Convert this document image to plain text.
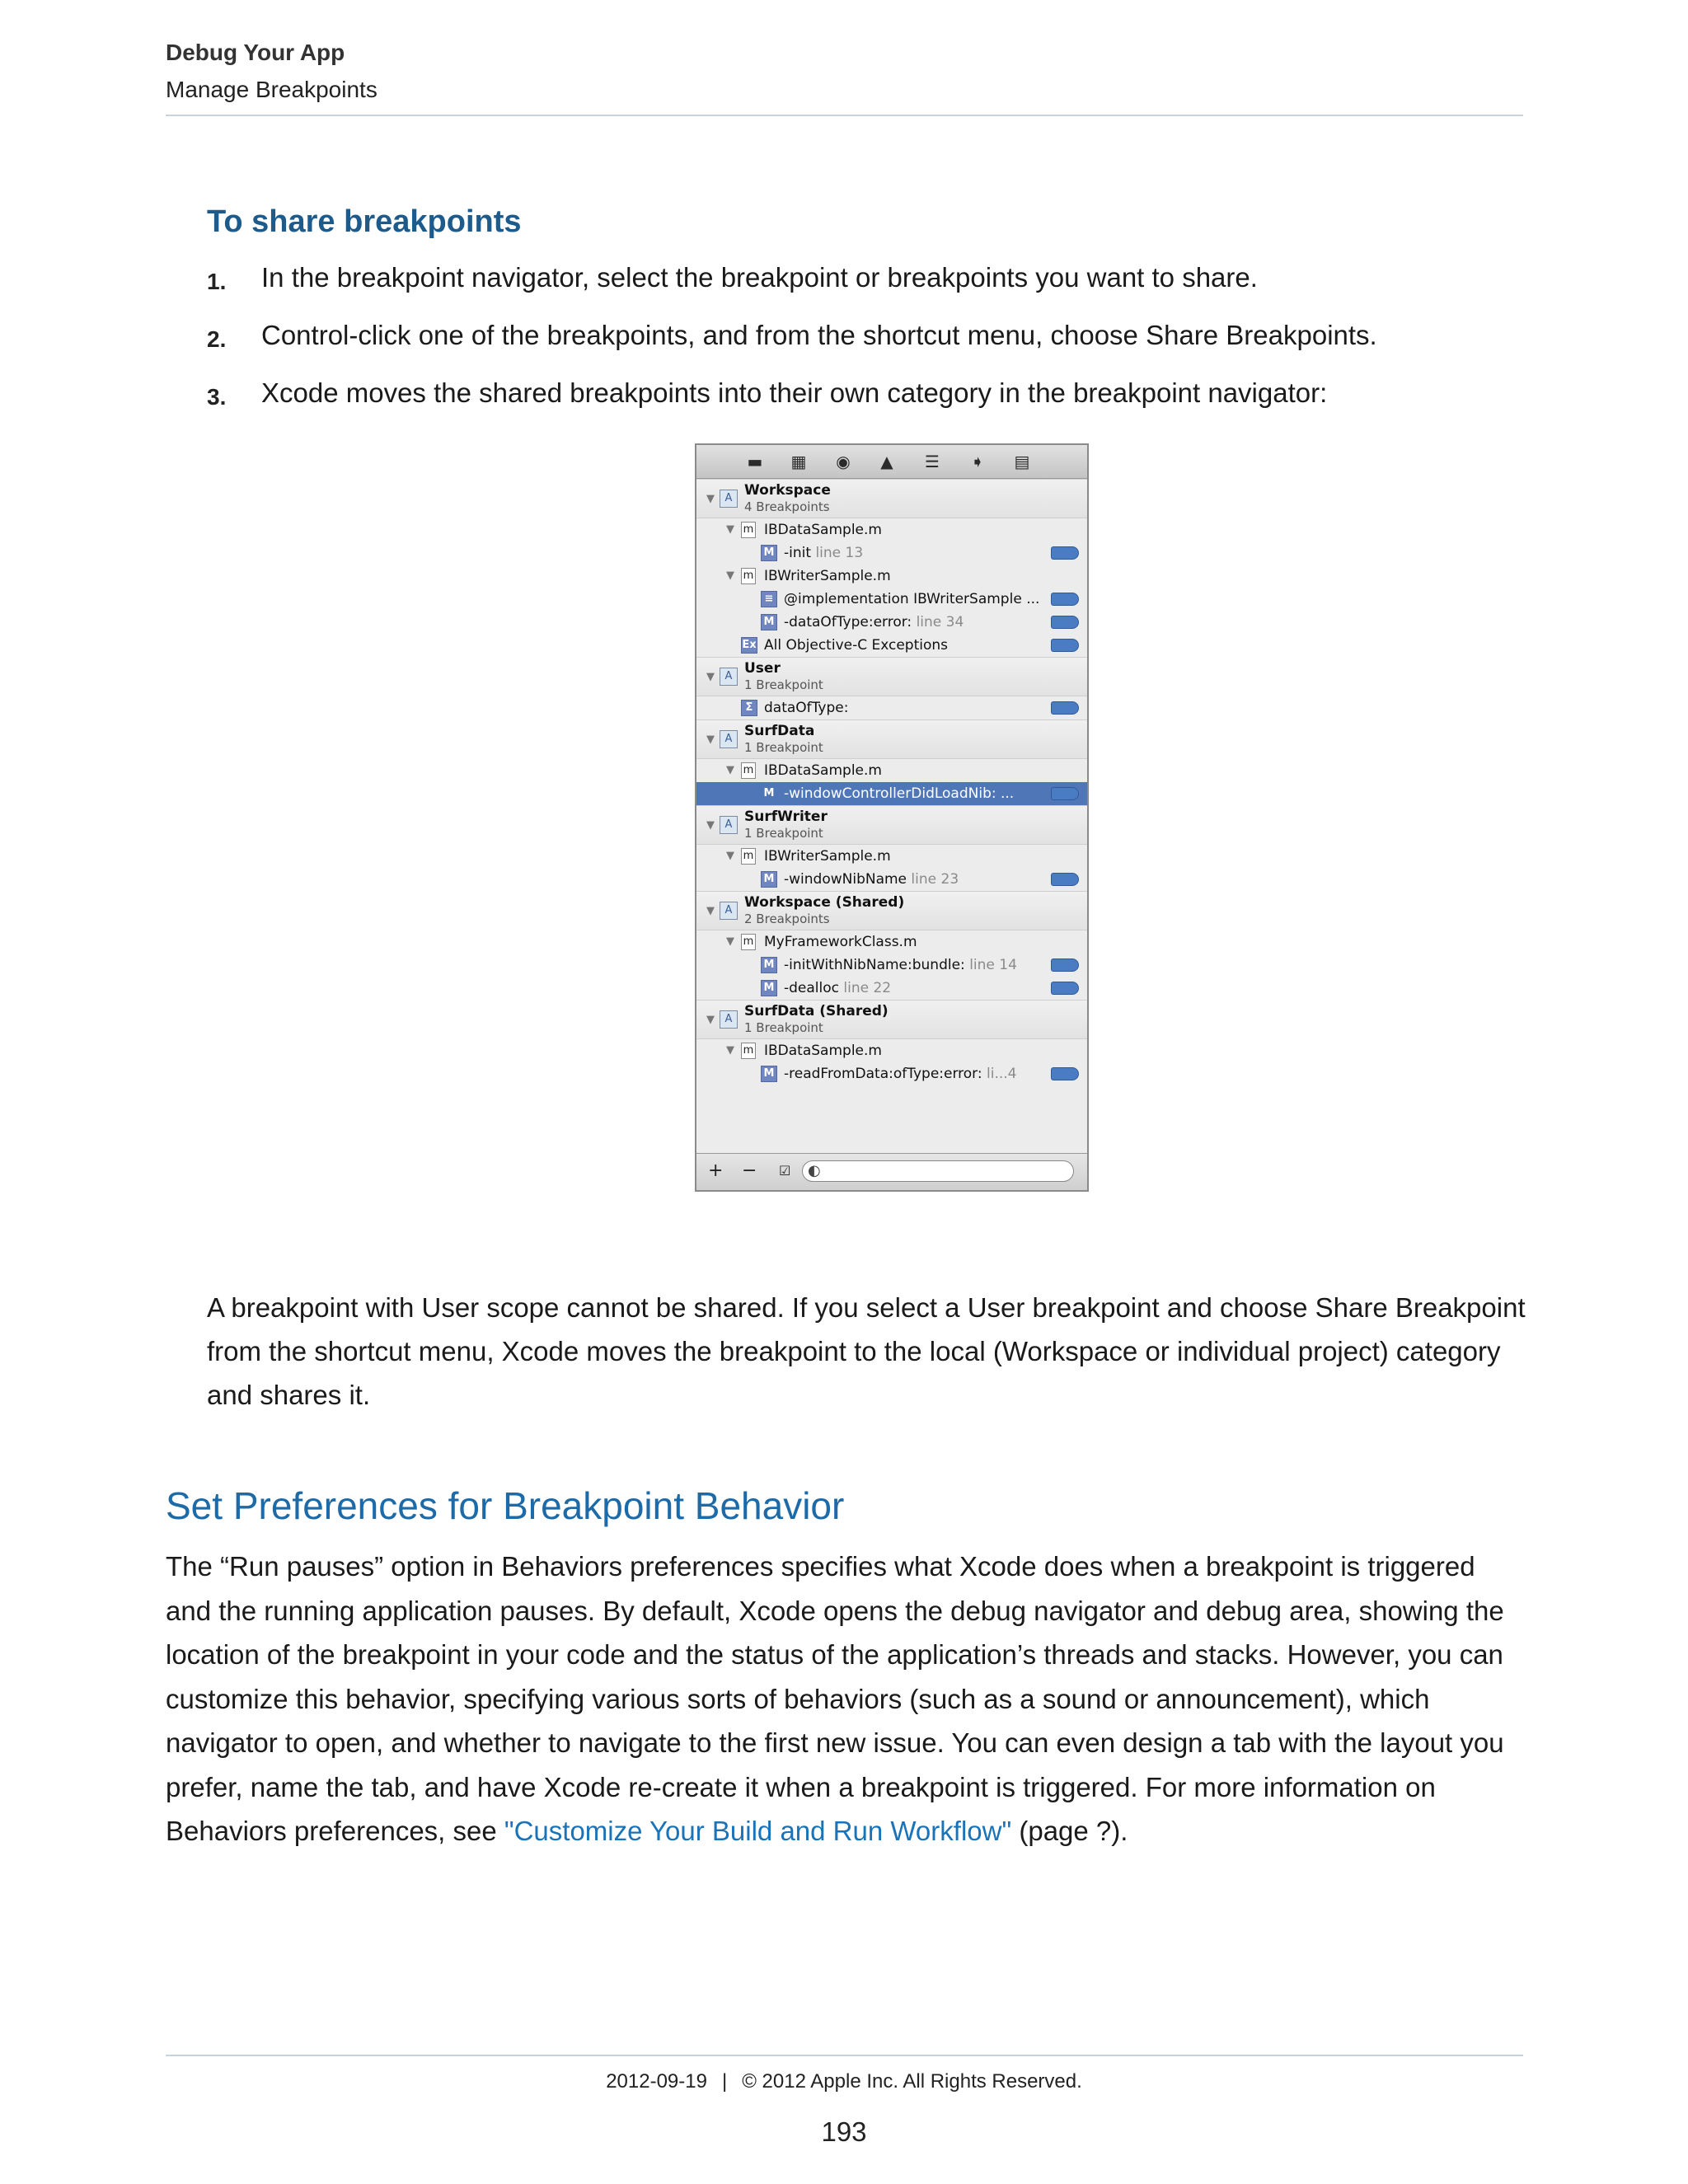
Debug Your App
Manage Breakpoints
To share breakpoints
1. In the breakpoint navigator, select the breakpoint or breakpoints you want to share.
2. Control-click one of the breakpoints, and from the shortcut menu, choose Share Breakpoints.
3. Xcode moves the shared breakpoints into their own category in the breakpoint navigator:
▬ ▦ ◉ ▲ ☰ ➧ ▤
▼ A Workspace
4 Breakpoints
▼ m IBDataSample.m
M -init line 13
▼ m IBWriterSample.m
≡ @implementation IBWriterSample ...
M -dataOfType:error: line 34
Ex All Objective-C Exceptions
▼ A User
1 Breakpoint
Σ dataOfType:
▼ A SurfData
1 Breakpoint
▼ m IBDataSample.m
M -windowControllerDidLoadNib: ...
▼ A SurfWriter
1 Breakpoint
▼ m IBWriterSample.m
M -windowNibName line 23
▼ A Workspace (Shared)
2 Breakpoints
▼ m MyFrameworkClass.m
M -initWithNibName:bundle: line 14
M -dealloc line 22
▼ A SurfData (Shared)
1 Breakpoint
▼ m IBDataSample.m
M -readFromData:ofType:error: li...4
+ − ☑ ◐
A breakpoint with User scope cannot be shared. If you select a User breakpoint and choose Share Breakpoint from the shortcut menu, Xcode moves the breakpoint to the local (Workspace or individual project) category and shares it.
Set Preferences for Breakpoint Behavior
The “Run pauses” option in Behaviors preferences specifies what Xcode does when a breakpoint is triggered and the running application pauses. By default, Xcode opens the debug navigator and debug area, showing the location of the breakpoint in your code and the status of the application’s threads and stacks. However, you can customize this behavior, specifying various sorts of behaviors (such as a sound or announcement), which navigator to open, and whether to navigate to the first new issue. You can even design a tab with the layout you prefer, name the tab, and have Xcode re-create it when a breakpoint is triggered. For more information on Behaviors preferences, see "Customize Your Build and Run Workflow" (page ?).
2012-09-19 | © 2012 Apple Inc. All Rights Reserved.
193
